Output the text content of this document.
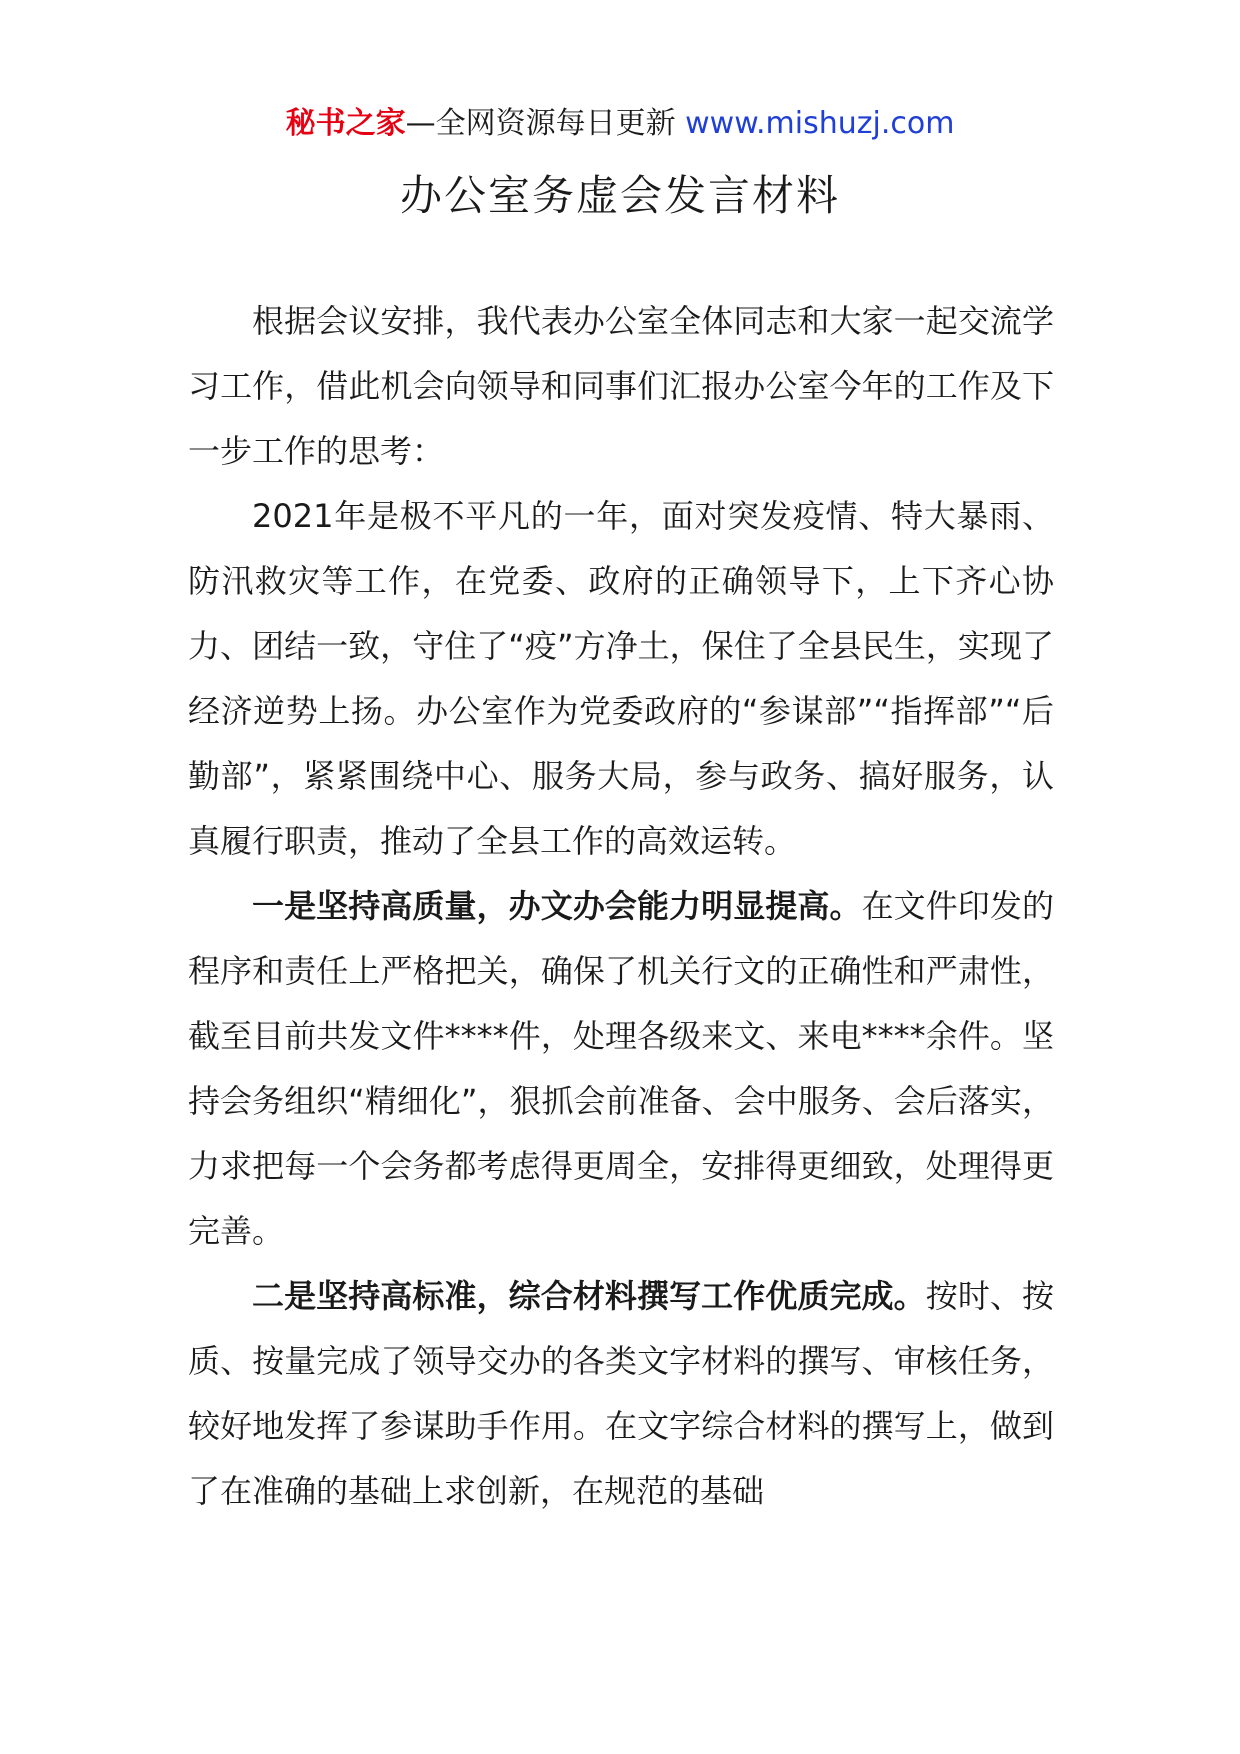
秘书之家—全网资源每日更新 www.mishuzj.com
办公室务虚会发言材料

根据会议安排，我代表办公室全体同志和大家一起交流学习工作，借此机会向领导和同事们汇报办公室今年的工作及下一步工作的思考：

2021年是极不平凡的一年，面对突发疫情、特大暴雨、防汛救灾等工作，在党委、政府的正确领导下，上下齐心协力、团结一致，守住了“疫”方净土，保住了全县民生，实现了经济逆势上扬。办公室作为党委政府的“参谋部”“指挥部”“后勤部”，紧紧围绕中心、服务大局，参与政务、搞好服务，认真履行职责，推动了全县工作的高效运转。

一是坚持高质量，办文办会能力明显提高。在文件印发的程序和责任上严格把关，确保了机关行文的正确性和严肃性，截至目前共发文件****件，处理各级来文、来电****余件。坚持会务组织“精细化”，狠抓会前准备、会中服务、会后落实，力求把每一个会务都考虑得更周全，安排得更细致，处理得更完善。

二是坚持高标准，综合材料撰写工作优质完成。按时、按质、按量完成了领导交办的各类文字材料的撰写、审核任务，较好地发挥了参谋助手作用。在文字综合材料的撰写上，做到了在准确的基础上求创新，在规范的基础
